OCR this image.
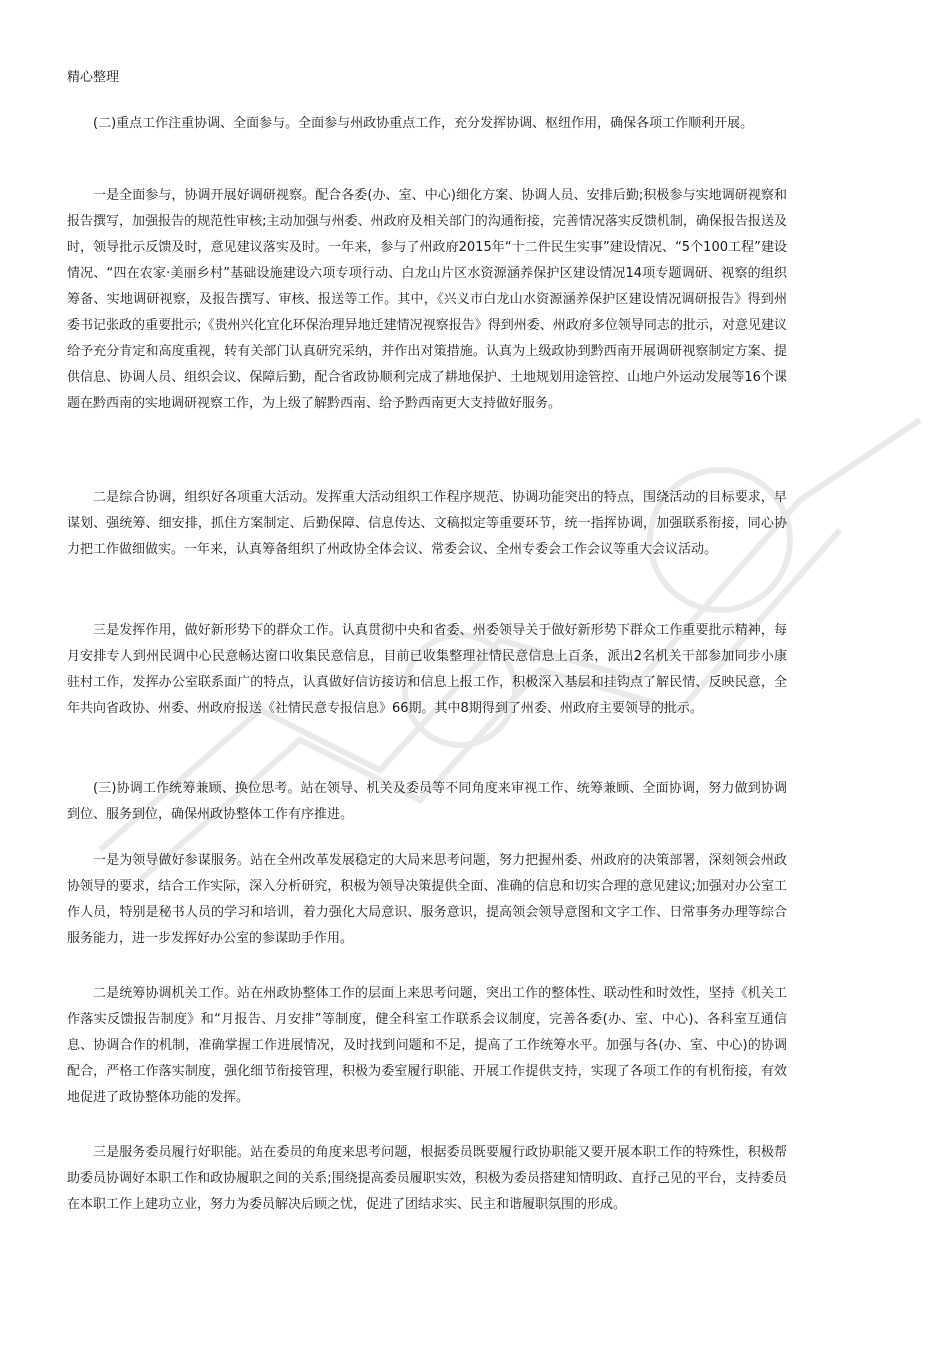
精心整理

(二)重点工作注重协调、全面参与。全面参与州政协重点工作，充分发挥协调、枢纽作用，确保各项工作顺利开展。

一是全面参与，协调开展好调研视察。配合各委(办、室、中心)细化方案、协调人员、安排后勤;积极参与实地调研视察和报告撰写，加强报告的规范性审核;主动加强与州委、州政府及相关部门的沟通衔接，完善情况落实反馈机制，确保报告报送及时，领导批示反馈及时，意见建议落实及时。一年来，参与了州政府2015年“十二件民生实事”建设情况、“5个100工程”建设情况、“四在农家·美丽乡村”基础设施建设六项专项行动、白龙山片区水资源涵养保护区建设情况14项专题调研、视察的组织筹备、实地调研视察，及报告撰写、审核、报送等工作。其中，《兴义市白龙山水资源涵养保护区建设情况调研报告》得到州委书记张政的重要批示;《贵州兴化宜化环保治理异地迁建情况视察报告》得到州委、州政府多位领导同志的批示，对意见建议给予充分肯定和高度重视，转有关部门认真研究采纳，并作出对策措施。认真为上级政协到黔西南开展调研视察制定方案、提供信息、协调人员、组织会议、保障后勤，配合省政协顺利完成了耕地保护、土地规划用途管控、山地户外运动发展等16个课题在黔西南的实地调研视察工作，为上级了解黔西南、给予黔西南更大支持做好服务。

二是综合协调，组织好各项重大活动。发挥重大活动组织工作程序规范、协调功能突出的特点，围绕活动的目标要求，早谋划、强统筹、细安排，抓住方案制定、后勤保障、信息传达、文稿拟定等重要环节，统一指挥协调，加强联系衔接，同心协力把工作做细做实。一年来，认真筹备组织了州政协全体会议、常委会议、全州专委会工作会议等重大会议活动。

三是发挥作用，做好新形势下的群众工作。认真贯彻中央和省委、州委领导关于做好新形势下群众工作重要批示精神，每月安排专人到州民调中心民意畅达窗口收集民意信息，目前已收集整理社情民意信息上百条，派出2名机关干部参加同步小康驻村工作，发挥办公室联系面广的特点，认真做好信访接访和信息上报工作，积极深入基层和挂钩点了解民情、反映民意，全年共向省政协、州委、州政府报送《社情民意专报信息》66期。其中8期得到了州委、州政府主要领导的批示。

(三)协调工作统筹兼顾、换位思考。站在领导、机关及委员等不同角度来审视工作、统筹兼顾、全面协调，努力做到协调到位、服务到位，确保州政协整体工作有序推进。

一是为领导做好参谋服务。站在全州改革发展稳定的大局来思考问题，努力把握州委、州政府的决策部署，深刻领会州政协领导的要求，结合工作实际，深入分析研究，积极为领导决策提供全面、准确的信息和切实合理的意见建议;加强对办公室工作人员，特别是秘书人员的学习和培训，着力强化大局意识、服务意识，提高领会领导意图和文字工作、日常事务办理等综合服务能力，进一步发挥好办公室的参谋助手作用。

二是统筹协调机关工作。站在州政协整体工作的层面上来思考问题，突出工作的整体性、联动性和时效性，坚持《机关工作落实反馈报告制度》和“月报告、月安排”等制度，健全科室工作联系会议制度，完善各委(办、室、中心)、各科室互通信息、协调合作的机制，准确掌握工作进展情况，及时找到问题和不足，提高了工作统筹水平。加强与各(办、室、中心)的协调配合，严格工作落实制度，强化细节衔接管理，积极为委室履行职能、开展工作提供支持，实现了各项工作的有机衔接，有效地促进了政协整体功能的发挥。

三是服务委员履行好职能。站在委员的角度来思考问题，根据委员既要履行政协职能又要开展本职工作的特殊性，积极帮助委员协调好本职工作和政协履职之间的关系;围绕提高委员履职实效，积极为委员搭建知情明政、直抒己见的平台，支持委员在本职工作上建功立业，努力为委员解决后顾之忧，促进了团结求实、民主和谐履职氛围的形成。
